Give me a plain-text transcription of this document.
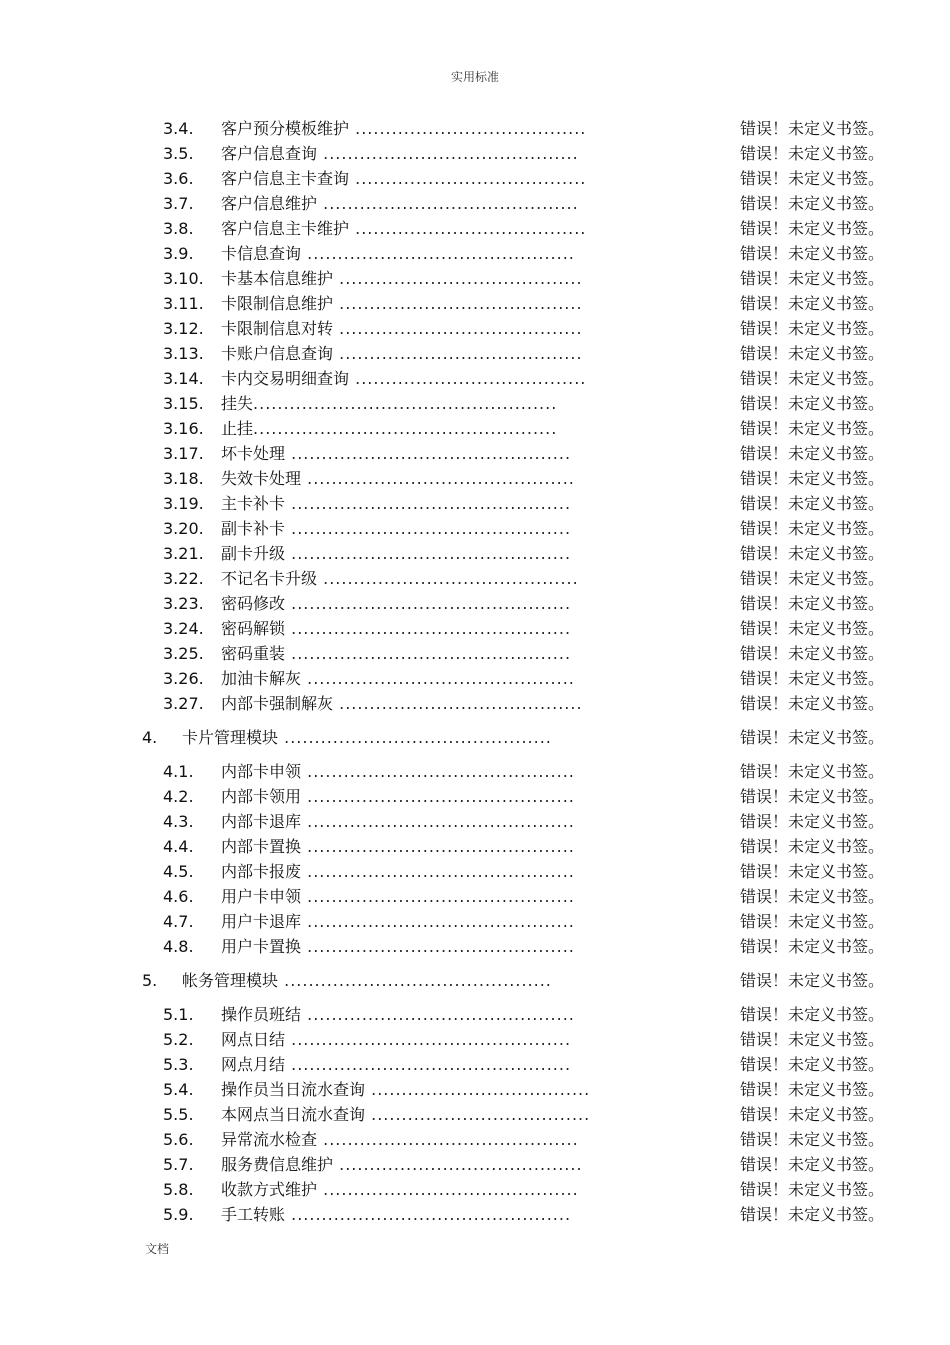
实用标准
3.4. 客户预分模板维护 ......................................	错误！未定义书签。
3.5. 客户信息查询 ..........................................	错误！未定义书签。
3.6. 客户信息主卡查询 ......................................	错误！未定义书签。
3.7. 客户信息维护 ..........................................	错误！未定义书签。
3.8. 客户信息主卡维护 ......................................	错误！未定义书签。
3.9. 卡信息查询 ............................................	错误！未定义书签。
3.10. 卡基本信息维护 ........................................	错误！未定义书签。
3.11. 卡限制信息维护 ........................................	错误！未定义书签。
3.12. 卡限制信息对转 ........................................	错误！未定义书签。
3.13. 卡账户信息查询 ........................................	错误！未定义书签。
3.14. 卡内交易明细查询 ......................................	错误！未定义书签。
3.15. 挂失..................................................	错误！未定义书签。
3.16. 止挂..................................................	错误！未定义书签。
3.17. 坏卡处理 ..............................................	错误！未定义书签。
3.18. 失效卡处理 ............................................	错误！未定义书签。
3.19. 主卡补卡 ..............................................	错误！未定义书签。
3.20. 副卡补卡 ..............................................	错误！未定义书签。
3.21. 副卡升级 ..............................................	错误！未定义书签。
3.22. 不记名卡升级 ..........................................	错误！未定义书签。
3.23. 密码修改 ..............................................	错误！未定义书签。
3.24. 密码解锁 ..............................................	错误！未定义书签。
3.25. 密码重装 ..............................................	错误！未定义书签。
3.26. 加油卡解灰 ............................................	错误！未定义书签。
3.27. 内部卡强制解灰 ........................................	错误！未定义书签。
4. 卡片管理模块 ............................................	错误！未定义书签。
4.1. 内部卡申领 ............................................	错误！未定义书签。
4.2. 内部卡领用 ............................................	错误！未定义书签。
4.3. 内部卡退库 ............................................	错误！未定义书签。
4.4. 内部卡置换 ............................................	错误！未定义书签。
4.5. 内部卡报废 ............................................	错误！未定义书签。
4.6. 用户卡申领 ............................................	错误！未定义书签。
4.7. 用户卡退库 ............................................	错误！未定义书签。
4.8. 用户卡置换 ............................................	错误！未定义书签。
5. 帐务管理模块 ............................................	错误！未定义书签。
5.1. 操作员班结 ............................................	错误！未定义书签。
5.2. 网点日结 ..............................................	错误！未定义书签。
5.3. 网点月结 ..............................................	错误！未定义书签。
5.4. 操作员当日流水查询 ....................................	错误！未定义书签。
5.5. 本网点当日流水查询 ....................................	错误！未定义书签。
5.6. 异常流水检查 ..........................................	错误！未定义书签。
5.7. 服务费信息维护 ........................................	错误！未定义书签。
5.8. 收款方式维护 ..........................................	错误！未定义书签。
5.9. 手工转账 ..............................................	错误！未定义书签。
文档
